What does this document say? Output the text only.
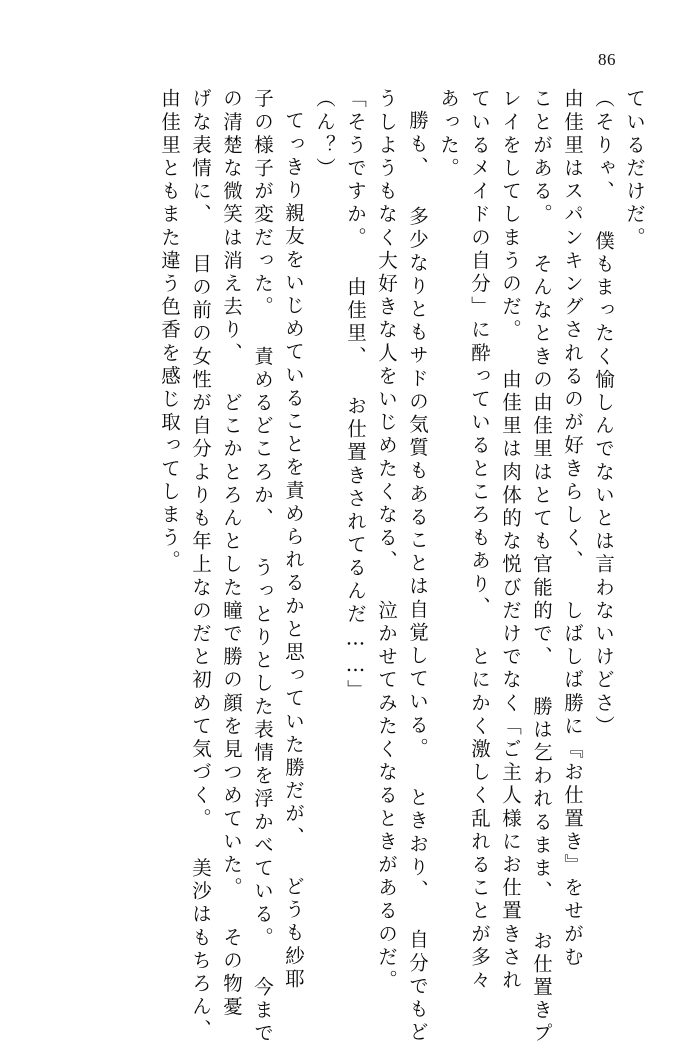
86
ているだけだ。
（そりゃ、 僕もまったく愉しんでないとは言わないけどさ）
由佳里はスパンキングされるのが好きらしく、 しばしば勝に『お仕置き』をせがむ
ことがある。 そんなときの由佳里はとても官能的で、 勝は乞われるまま、 お仕置きプ
レイをしてしまうのだ。 由佳里は肉体的な悦びだけでなく「ご主人様にお仕置きされ
ているメイドの自分」に酔っているところもあり、 とにかく激しく乱れることが多々
あった。
勝も、 多少なりともサドの気質もあることは自覚している。 ときおり、 自分でもど
うしようもなく大好きな人をいじめたくなる、 泣かせてみたくなるときがあるのだ。
「そうですか。 由佳里、 お仕置きされてるんだ……」
（ん？）
てっきり親友をいじめていることを責められるかと思っていた勝だが、 どうも紗耶
子の様子が変だった。 責めるどころか、 うっとりとした表情を浮かべている。 今まで
の清楚な微笑は消え去り、 どこかとろんとした瞳で勝の顔を見つめていた。 その物憂
げな表情に、 目の前の女性が自分よりも年上なのだと初めて気づく。 美沙はもちろん、
由佳里ともまた違う色香を感じ取ってしまう。
